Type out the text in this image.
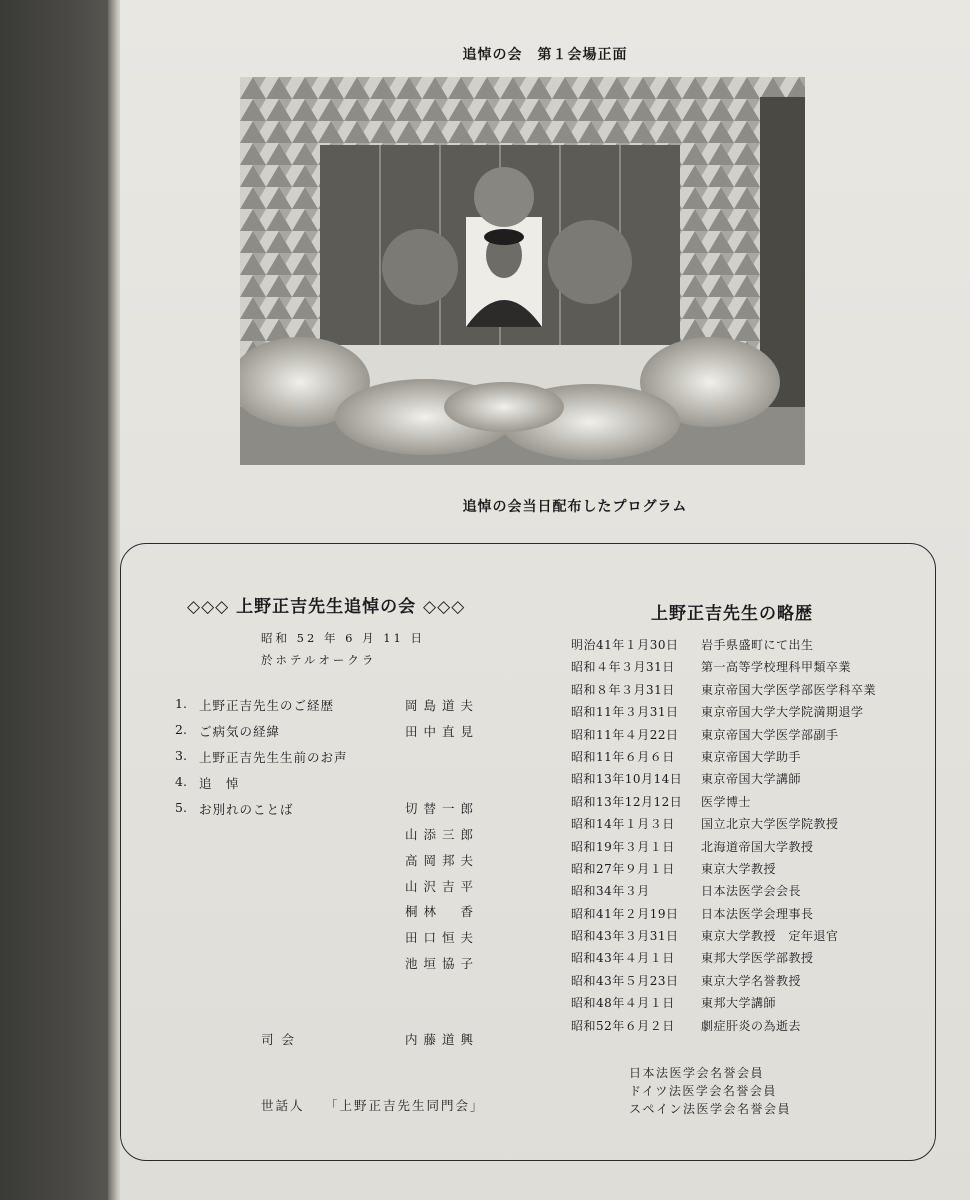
追悼の会　第１会場正面
追悼の会当日配布したプログラム
◇◇◇ 上野正吉先生追悼の会 ◇◇◇
昭和 52 年 6 月 11 日
於ホテルオークラ
1. 上野正吉先生のご経歴
2. ご病気の経緯
3. 上野正吉先生生前のお声
4. 追　悼
5. お別れのことば
岡島道夫
田中直見
切替一郎
山添三郎
高岡邦夫
山沢吉平
桐林　香
田口恒夫
池垣協子
司会	内藤道興
世話人 「上野正吉先生同門会」
上野正吉先生の略歴
明治41年１月30日 岩手県盛町にて出生
昭和４年３月31日 第一高等学校理科甲類卒業
昭和８年３月31日 東京帝国大学医学部医学科卒業
昭和11年３月31日 東京帝国大学大学院満期退学
昭和11年４月22日 東京帝国大学医学部副手
昭和11年６月６日 東京帝国大学助手
昭和13年10月14日 東京帝国大学講師
昭和13年12月12日 医学博士
昭和14年１月３日 国立北京大学医学院教授
昭和19年３月１日 北海道帝国大学教授
昭和27年９月１日 東京大学教授
昭和34年３月	日本法医学会会長
昭和41年２月19日 日本法医学会理事長
昭和43年３月31日 東京大学教授　定年退官
昭和43年４月１日 東邦大学医学部教授
昭和43年５月23日 東京大学名誉教授
昭和48年４月１日 東邦大学講師
昭和52年６月２日 劇症肝炎の為逝去
日本法医学会名誉会員
ドイツ法医学会名誉会員
スペイン法医学会名誉会員
